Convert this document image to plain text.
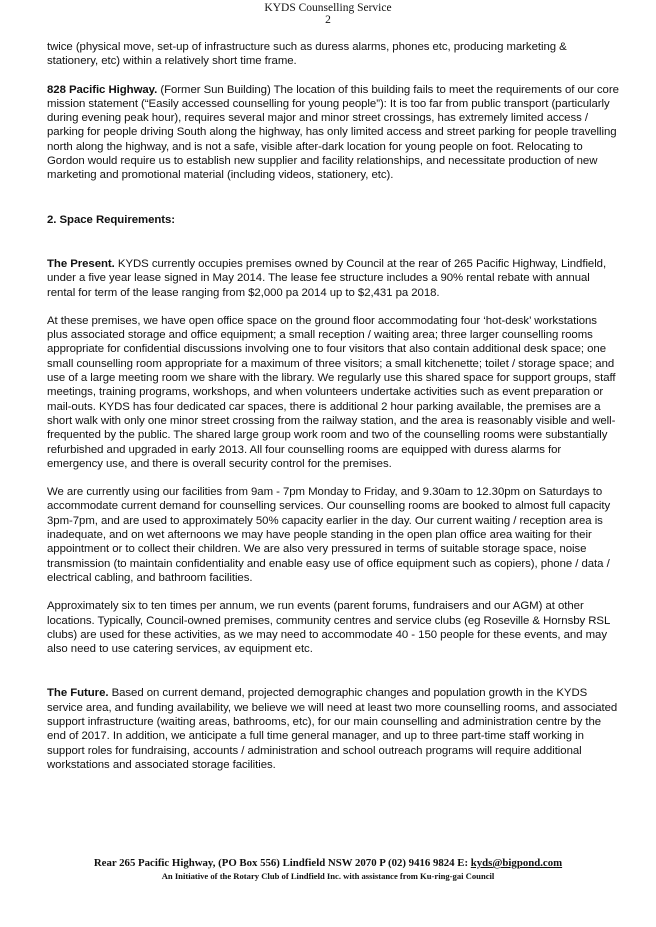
KYDS Counselling Service
2

twice (physical move, set-up of infrastructure such as duress alarms, phones etc, producing marketing & stationery, etc) within a relatively short time frame.

828 Pacific Highway. (Former Sun Building) The location of this building fails to meet the requirements of our core mission statement (“Easily accessed counselling for young people”): It is too far from public transport (particularly during evening peak hour), requires several major and minor street crossings, has extremely limited access / parking for people driving South along the highway, has only limited access and street parking for people travelling north along the highway, and is not a safe, visible after-dark location for young people on foot. Relocating to Gordon would require us to establish new supplier and facility relationships, and necessitate production of new marketing and promotional material (including videos, stationery, etc).

2. Space Requirements:

The Present. KYDS currently occupies premises owned by Council at the rear of 265 Pacific Highway, Lindfield, under a five year lease signed in May 2014. The lease fee structure includes a 90% rental rebate with annual rental for term of the lease ranging from $2,000 pa 2014 up to $2,431 pa 2018.

At these premises, we have open office space on the ground floor accommodating four ‘hot-desk’ workstations plus associated storage and office equipment; a small reception / waiting area; three larger counselling rooms appropriate for confidential discussions involving one to four visitors that also contain additional desk space; one small counselling room appropriate for a maximum of three visitors; a small kitchenette; toilet / storage space; and use of a large meeting room we share with the library. We regularly use this shared space for support groups, staff meetings, training programs, workshops, and when volunteers undertake activities such as event preparation or mail-outs. KYDS has four dedicated car spaces, there is additional 2 hour parking available, the premises are a short walk with only one minor street crossing from the railway station, and the area is reasonably visible and well-frequented by the public. The shared large group work room and two of the counselling rooms were substantially refurbished and upgraded in early 2013. All four counselling rooms are equipped with duress alarms for emergency use, and there is overall security control for the premises.

We are currently using our facilities from 9am - 7pm Monday to Friday, and 9.30am to 12.30pm on Saturdays to accommodate current demand for counselling services. Our counselling rooms are booked to almost full capacity 3pm-7pm, and are used to approximately 50% capacity earlier in the day. Our current waiting / reception area is inadequate, and on wet afternoons we may have people standing in the open plan office area waiting for their appointment or to collect their children. We are also very pressured in terms of suitable storage space, noise transmission (to maintain confidentiality and enable easy use of office equipment such as copiers), phone / data / electrical cabling, and bathroom facilities.

Approximately six to ten times per annum, we run events (parent forums, fundraisers and our AGM) at other locations. Typically, Council-owned premises, community centres and service clubs (eg Roseville & Hornsby RSL clubs) are used for these activities, as we may need to accommodate 40 - 150 people for these events, and may also need to use catering services, av equipment etc.

The Future. Based on current demand, projected demographic changes and population growth in the KYDS service area, and funding availability, we believe we will need at least two more counselling rooms, and associated support infrastructure (waiting areas, bathrooms, etc), for our main counselling and administration centre by the end of 2017. In addition, we anticipate a full time general manager, and up to three part-time staff working in support roles for fundraising, accounts / administration and school outreach programs will require additional workstations and associated storage facilities.

Rear 265 Pacific Highway, (PO Box 556) Lindfield NSW 2070 P (02) 9416 9824 E: kyds@bigpond.com
An Initiative of the Rotary Club of Lindfield Inc. with assistance from Ku-ring-gai Council
